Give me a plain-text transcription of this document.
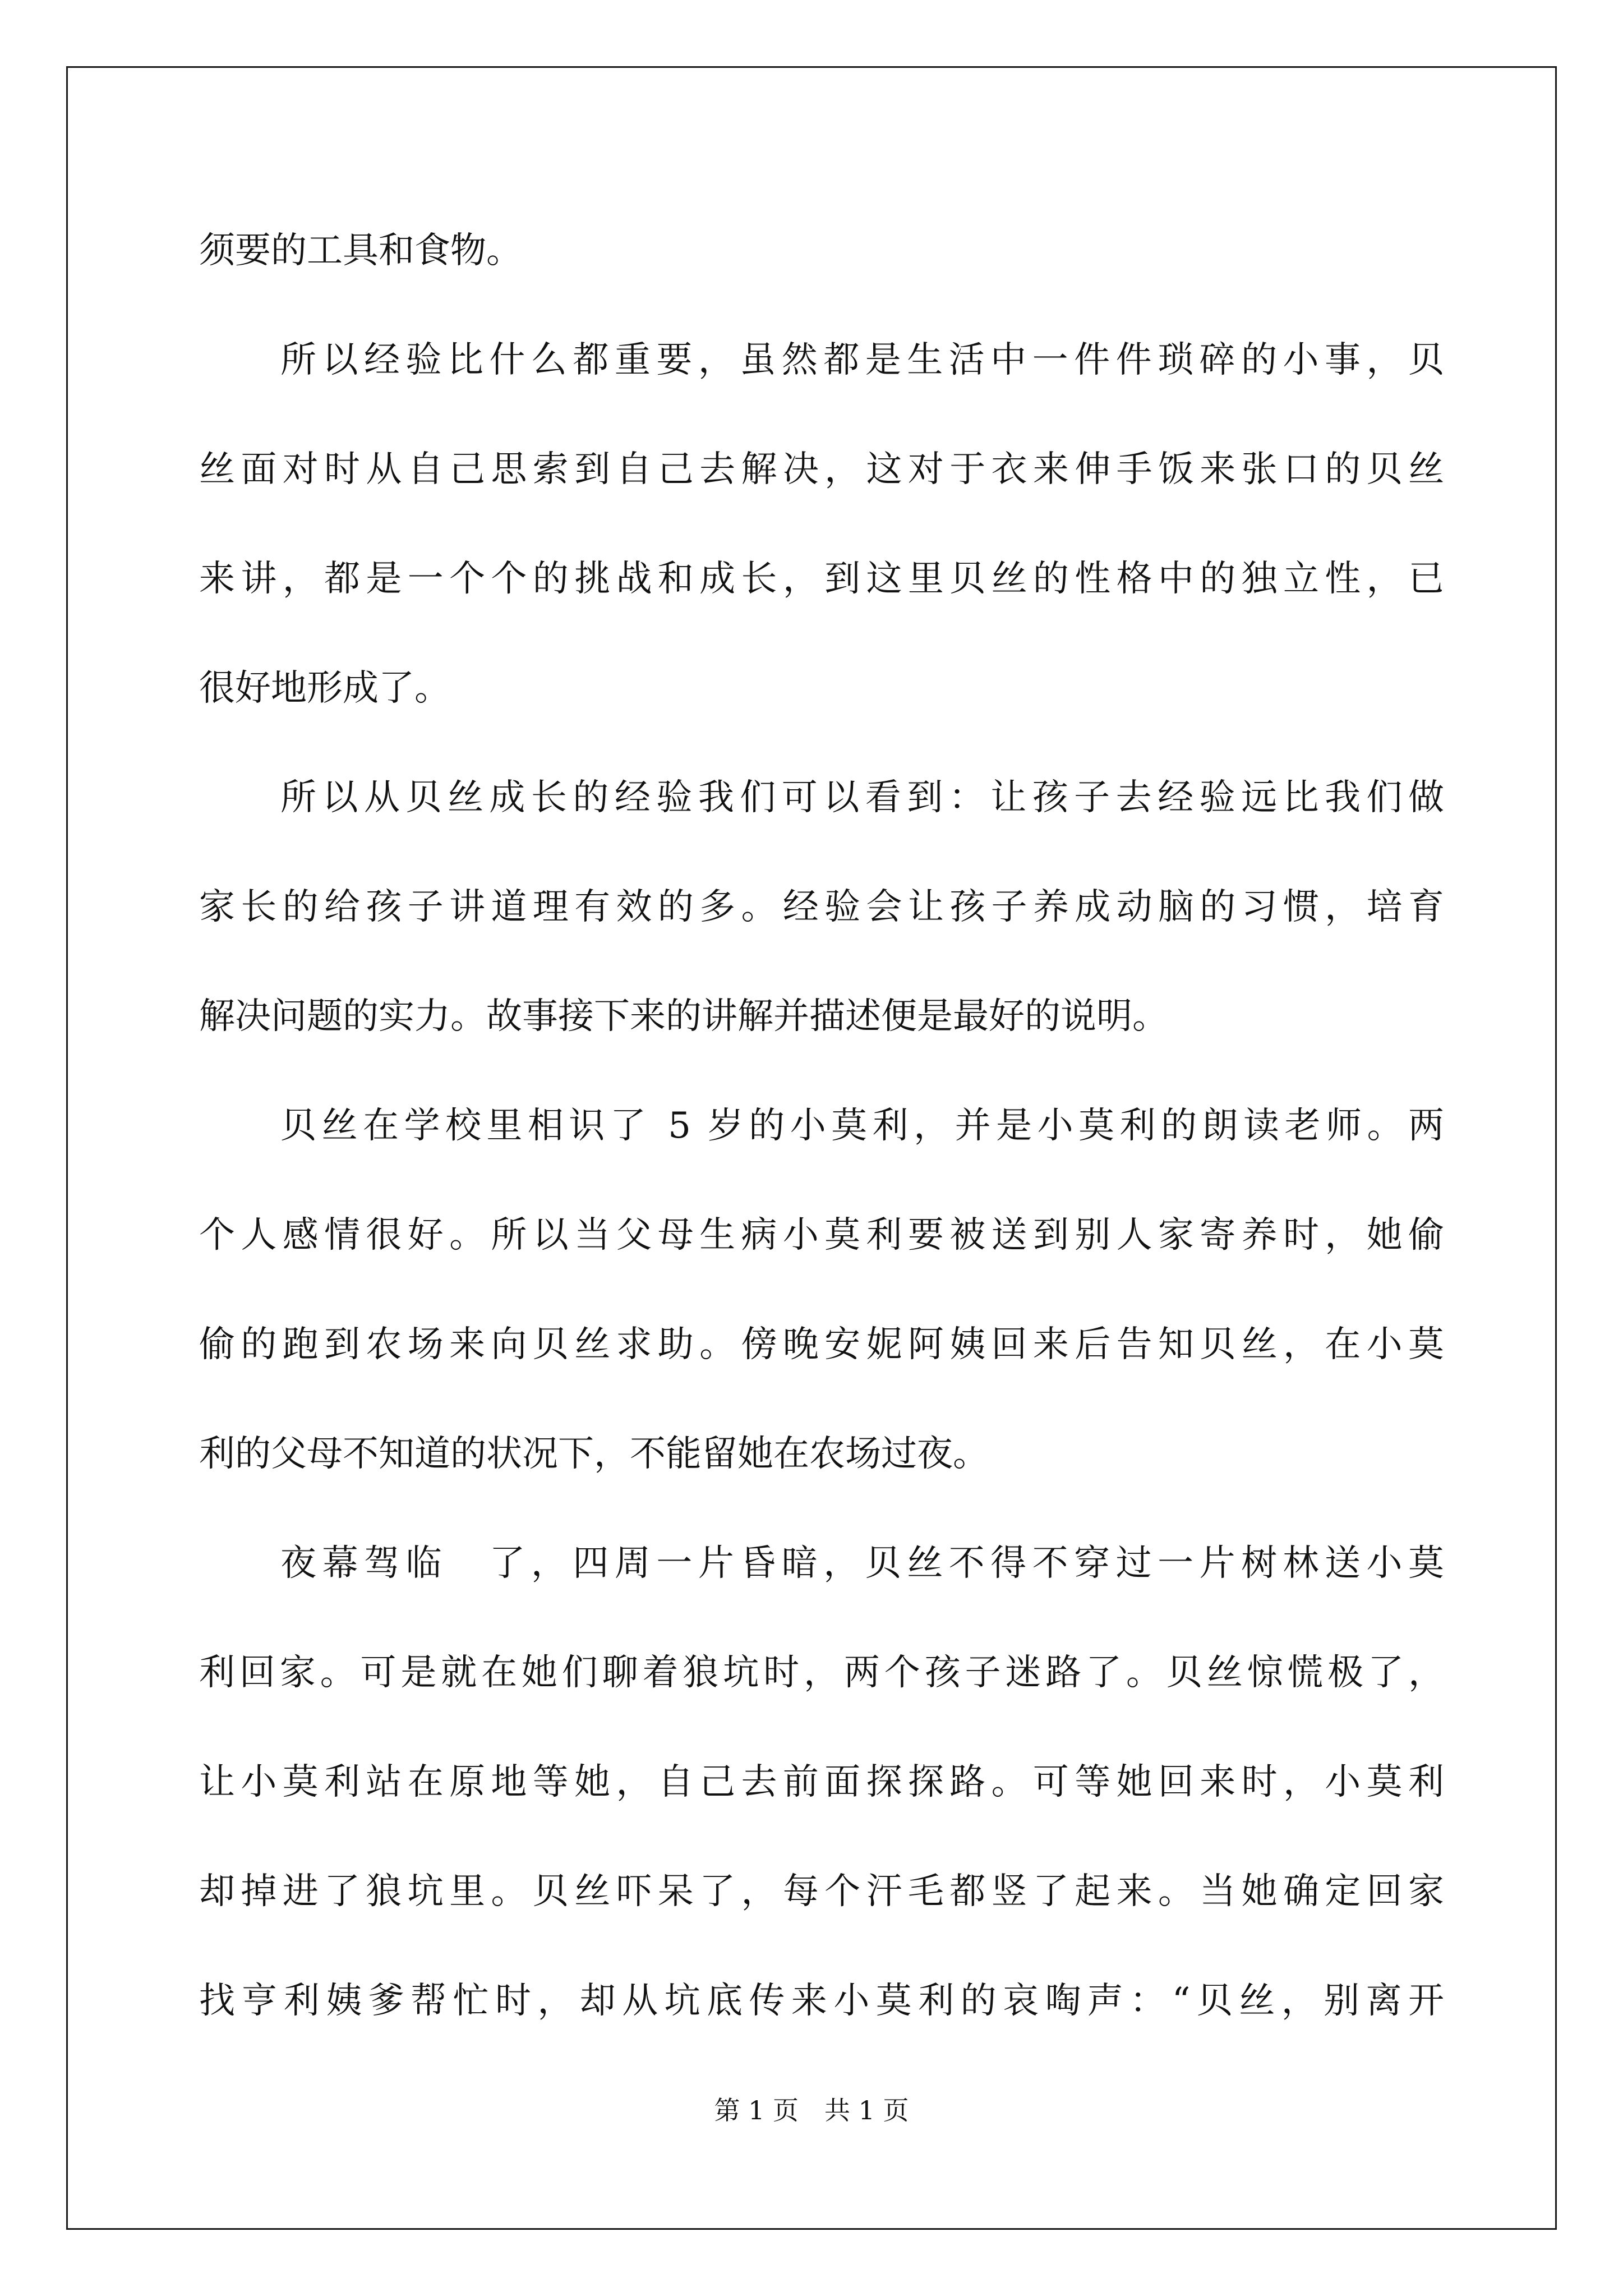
须要的工具和食物。
所以经验比什么都重要，虽然都是生活中一件件琐碎的小事，贝
丝面对时从自己思索到自己去解决，这对于衣来伸手饭来张口的贝丝
来讲，都是一个个的挑战和成长，到这里贝丝的性格中的独立性，已
很好地形成了。
所以从贝丝成长的经验我们可以看到：让孩子去经验远比我们做
家长的给孩子讲道理有效的多。经验会让孩子养成动脑的习惯，培育
解决问题的实力。故事接下来的讲解并描述便是最好的说明。
贝丝在学校里相识了 5 岁的小莫利，并是小莫利的朗读老师。两
个人感情很好。所以当父母生病小莫利要被送到别人家寄养时，她偷
偷的跑到农场来向贝丝求助。傍晚安妮阿姨回来后告知贝丝，在小莫
利的父母不知道的状况下，不能留她在农场过夜。
夜幕驾临　了，四周一片昏暗，贝丝不得不穿过一片树林送小莫
利回家。可是就在她们聊着狼坑时，两个孩子迷路了。贝丝惊慌极了，
让小莫利站在原地等她，自己去前面探探路。可等她回来时，小莫利
却掉进了狼坑里。贝丝吓呆了，每个汗毛都竖了起来。当她确定回家
找亨利姨爹帮忙时，却从坑底传来小莫利的哀啕声：“贝丝，别离开
第 1 页　共 1 页
